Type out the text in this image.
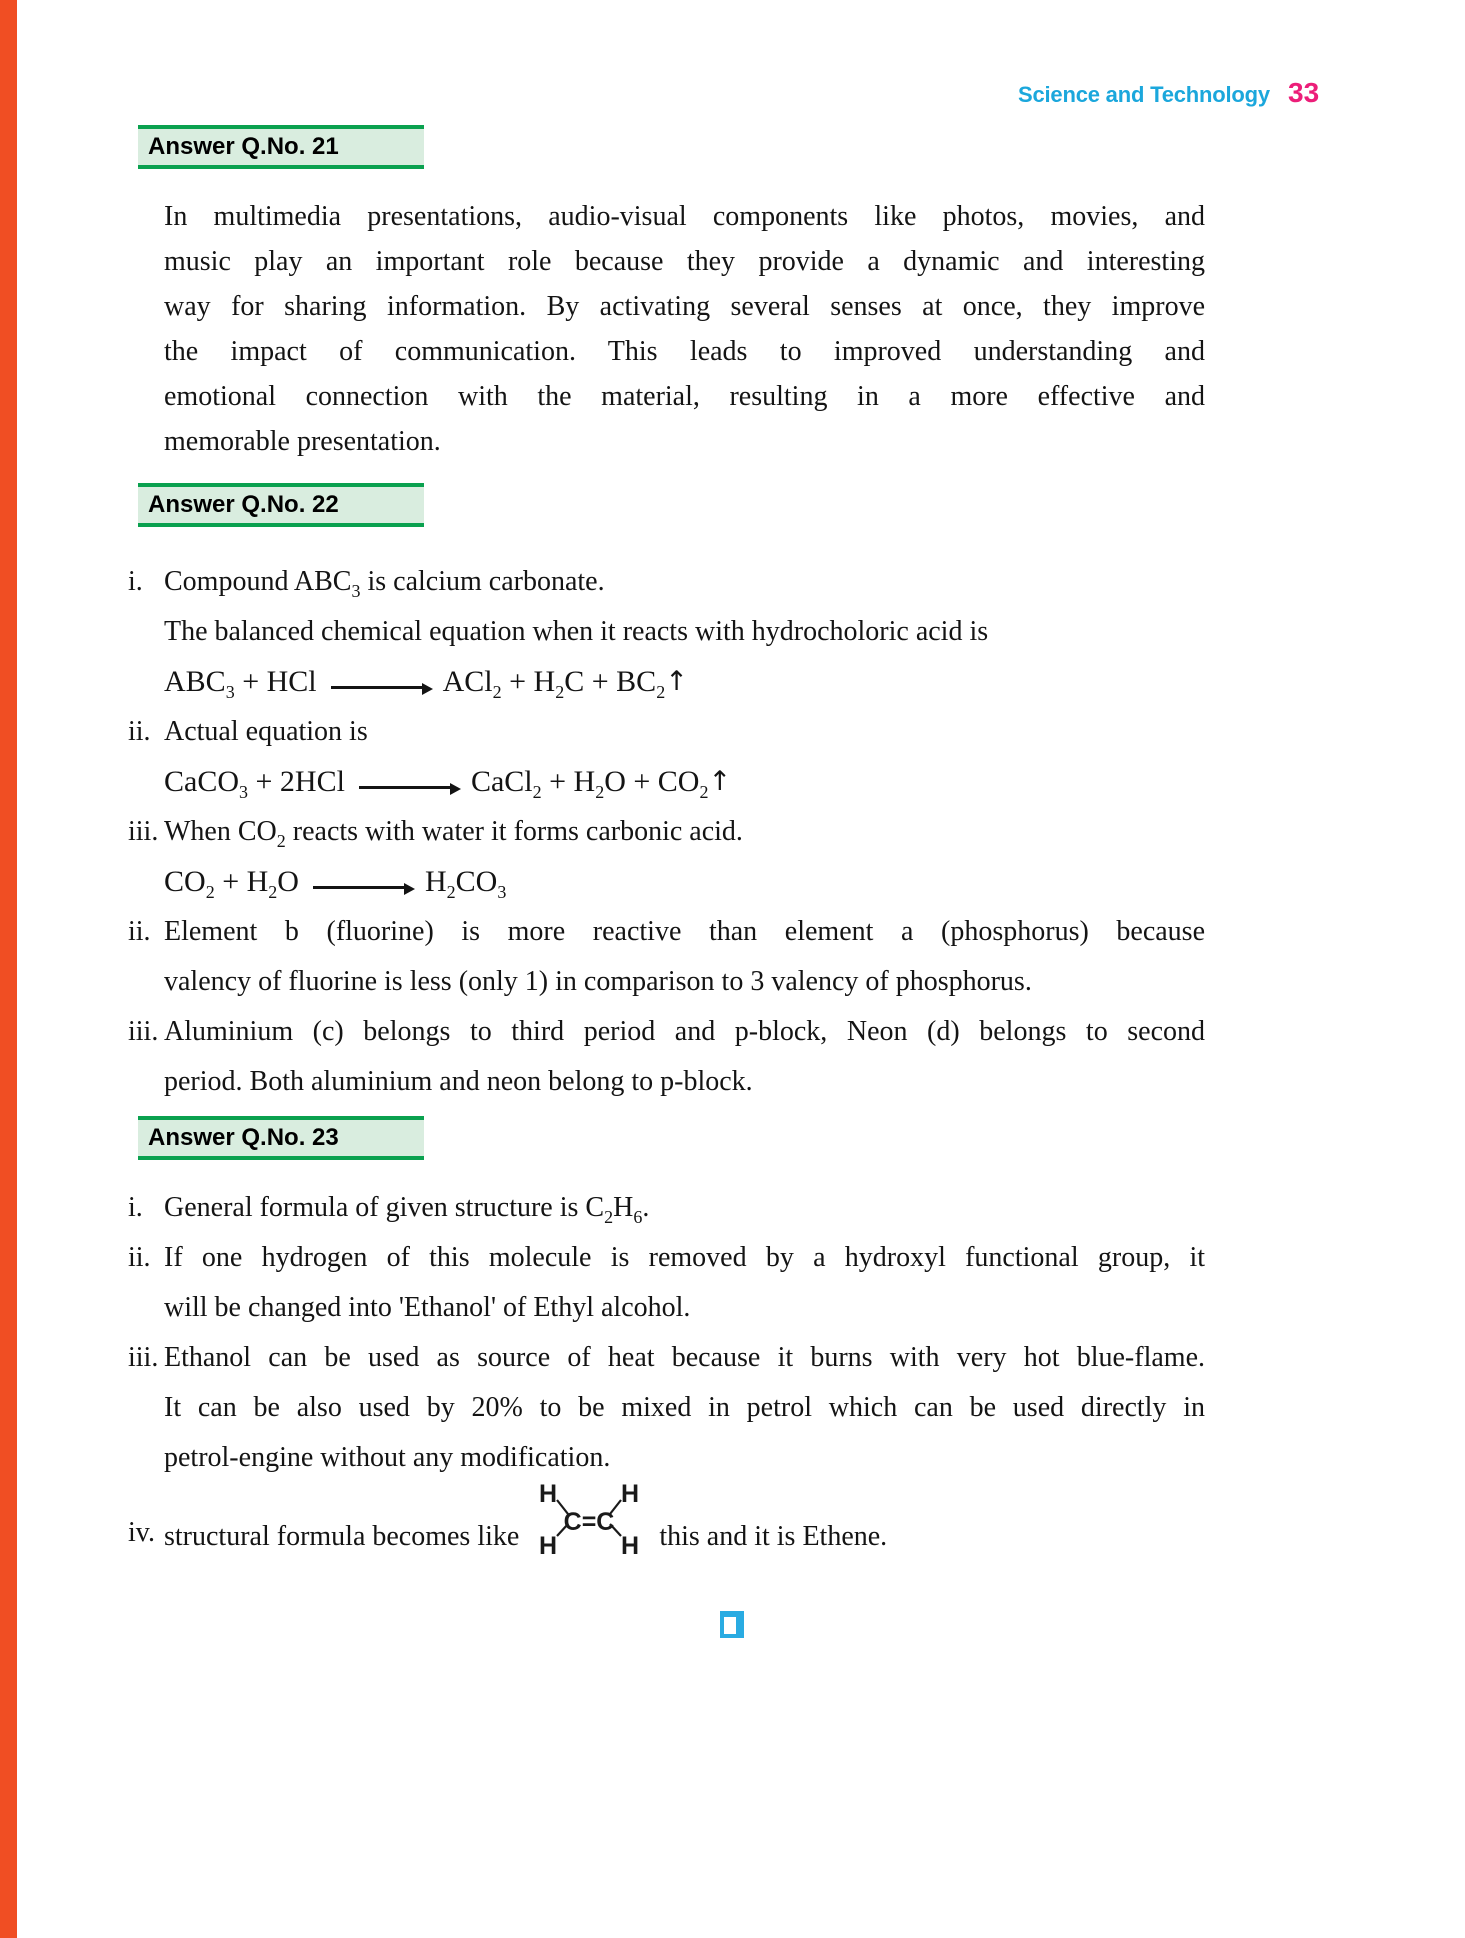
Science and Technology 33
Answer Q.No. 21
In multimedia presentations, audio-visual components like photos, movies, and
music play an important role because they provide a dynamic and interesting
way for sharing information. By activating several senses at once, they improve
the impact of communication. This leads to improved understanding and
emotional connection with the material, resulting in a more effective and
memorable presentation.
Answer Q.No. 22
i. Compound $ABC_3$ is calcium carbonate.
The balanced chemical equation when it reacts with hydrocholoric acid is
$ABC_3$ + HCl	$ACl_2 + H_2C$ + $BC_2↑$
ii. Actual equation is
CaCO$_3$ + 2HCl	CaCl$_2$ + $H_2O$ + $CO_2↑$
iii. When $CO_2$ reacts with water it forms carbonic acid.
$CO_2 + H_2O$	$H_2CO_3$
ii. Element b (fluorine) is more reactive than element a (phosphorus) because
valency of fluorine is less (only 1) in comparison to 3 valency of phosphorus.
iii. Aluminium (c) belongs to third period and p-block, Neon (d) belongs to second
period. Both aluminium and neon belong to p-block.
Answer Q.No. 23
i. General formula of given structure is $C_2H_6$.
ii. If one hydrogen of this molecule is removed by a hydroxyl functional group, it
will be changed into 'Ethanol' of Ethyl alcohol.
iii. Ethanol can be used as source of heat because it burns with very hot blue-flame.
It can be also used by 20% to be mixed in petrol which can be used directly in
petrol-engine without any modification.
iv. structural formula becomes like
H	H
C=C
H	H this and it is Ethene.
